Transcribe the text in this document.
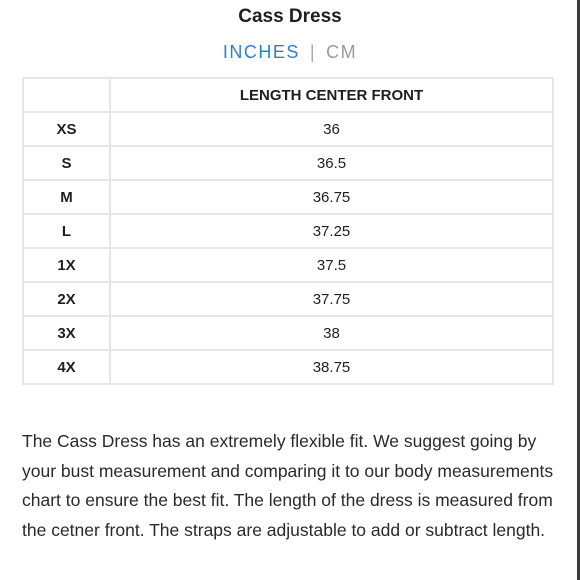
Cass Dress
INCHES | CM
	LENGTH CENTER FRONT
XS	36
S	36.5
M	36.75
L	37.25
1X	37.5
2X	37.75
3X	38
4X	38.75

The Cass Dress has an extremely flexible fit. We suggest going by your bust measurement and comparing it to our body measurements chart to ensure the best fit. The length of the dress is measured from the cetner front. The straps are adjustable to add or subtract length.
